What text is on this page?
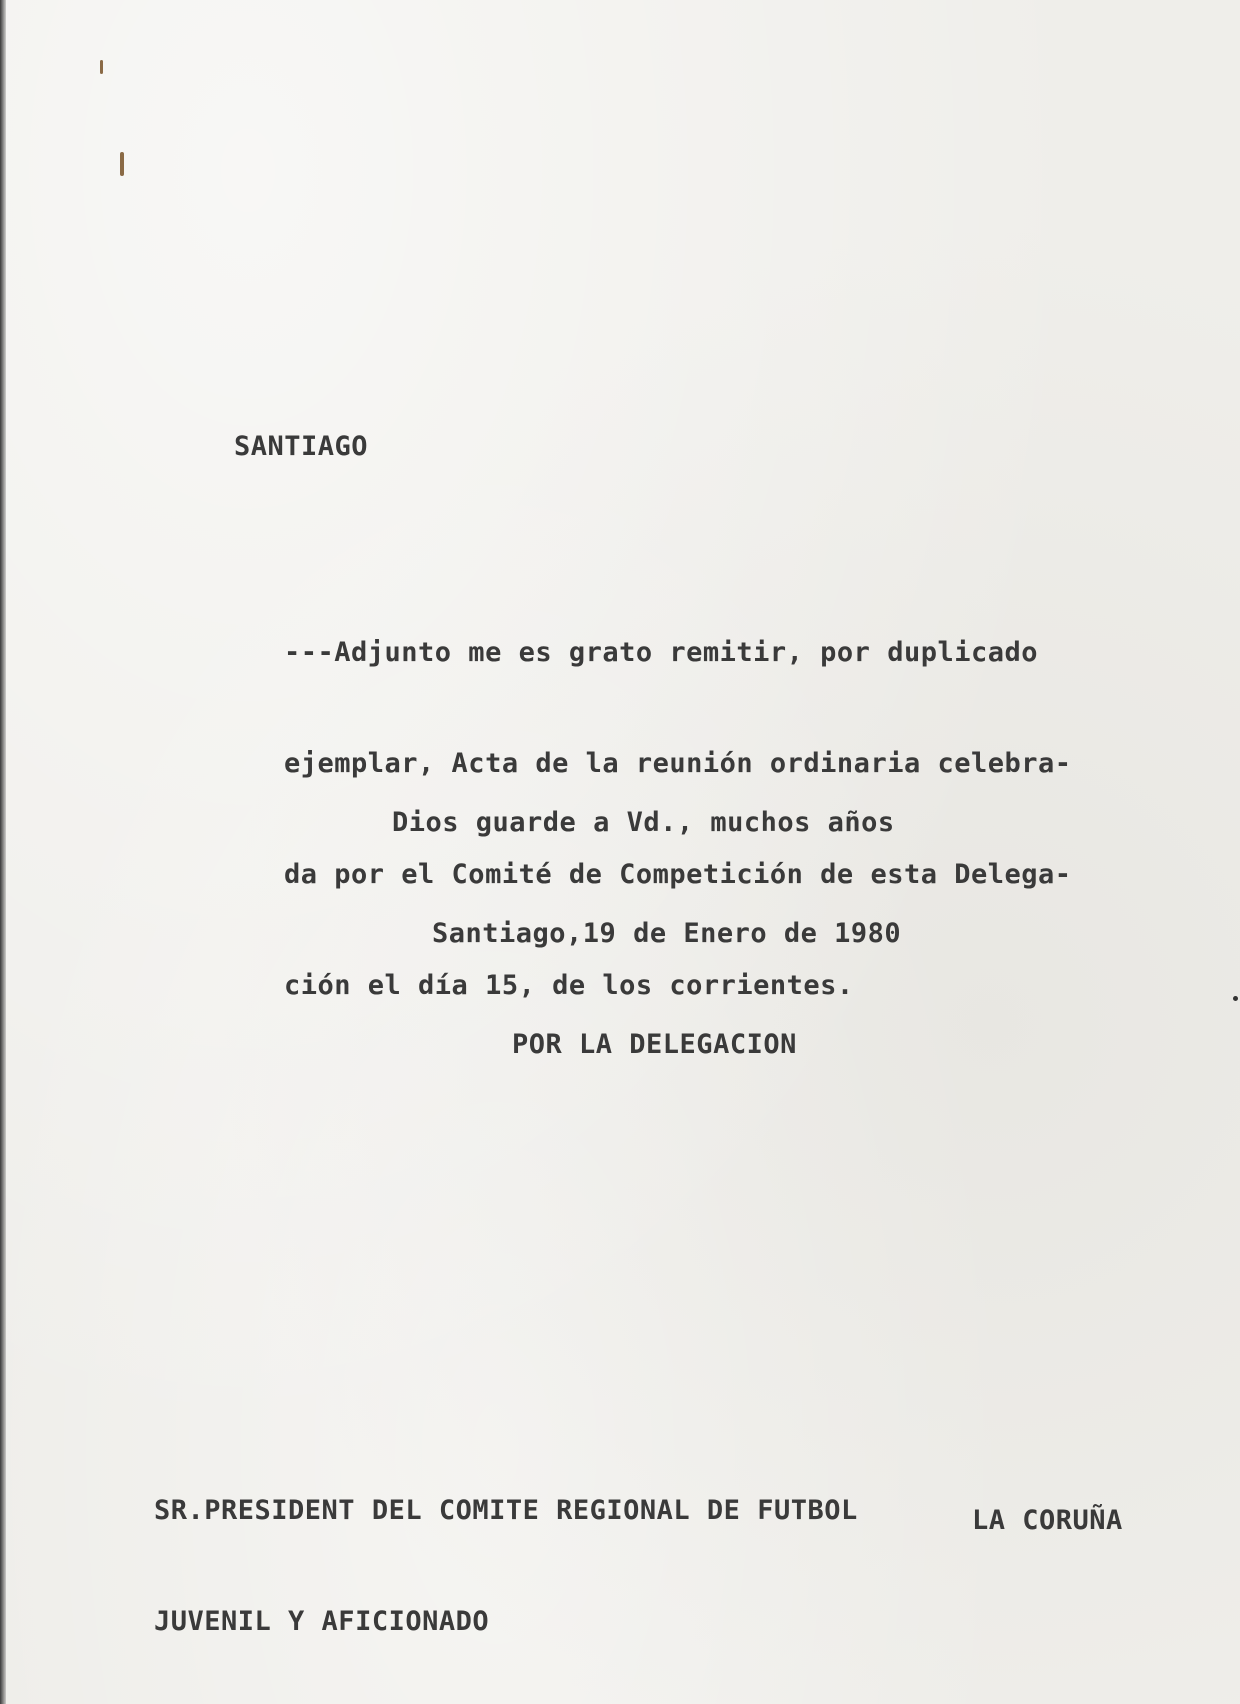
SANTIAGO

---Adjunto me es grato remitir, por duplicado

ejemplar, Acta de la reunión ordinaria celebra-

da por el Comité de Competición de esta Delega-

ción el día 15, de los corrientes.

Dios guarde a Vd., muchos años

Santiago,19 de Enero de 1980

POR LA DELEGACION

SR.PRESIDENT DEL COMITE REGIONAL DE FUTBOL

JUVENIL Y AFICIONADO

LA CORUÑA
